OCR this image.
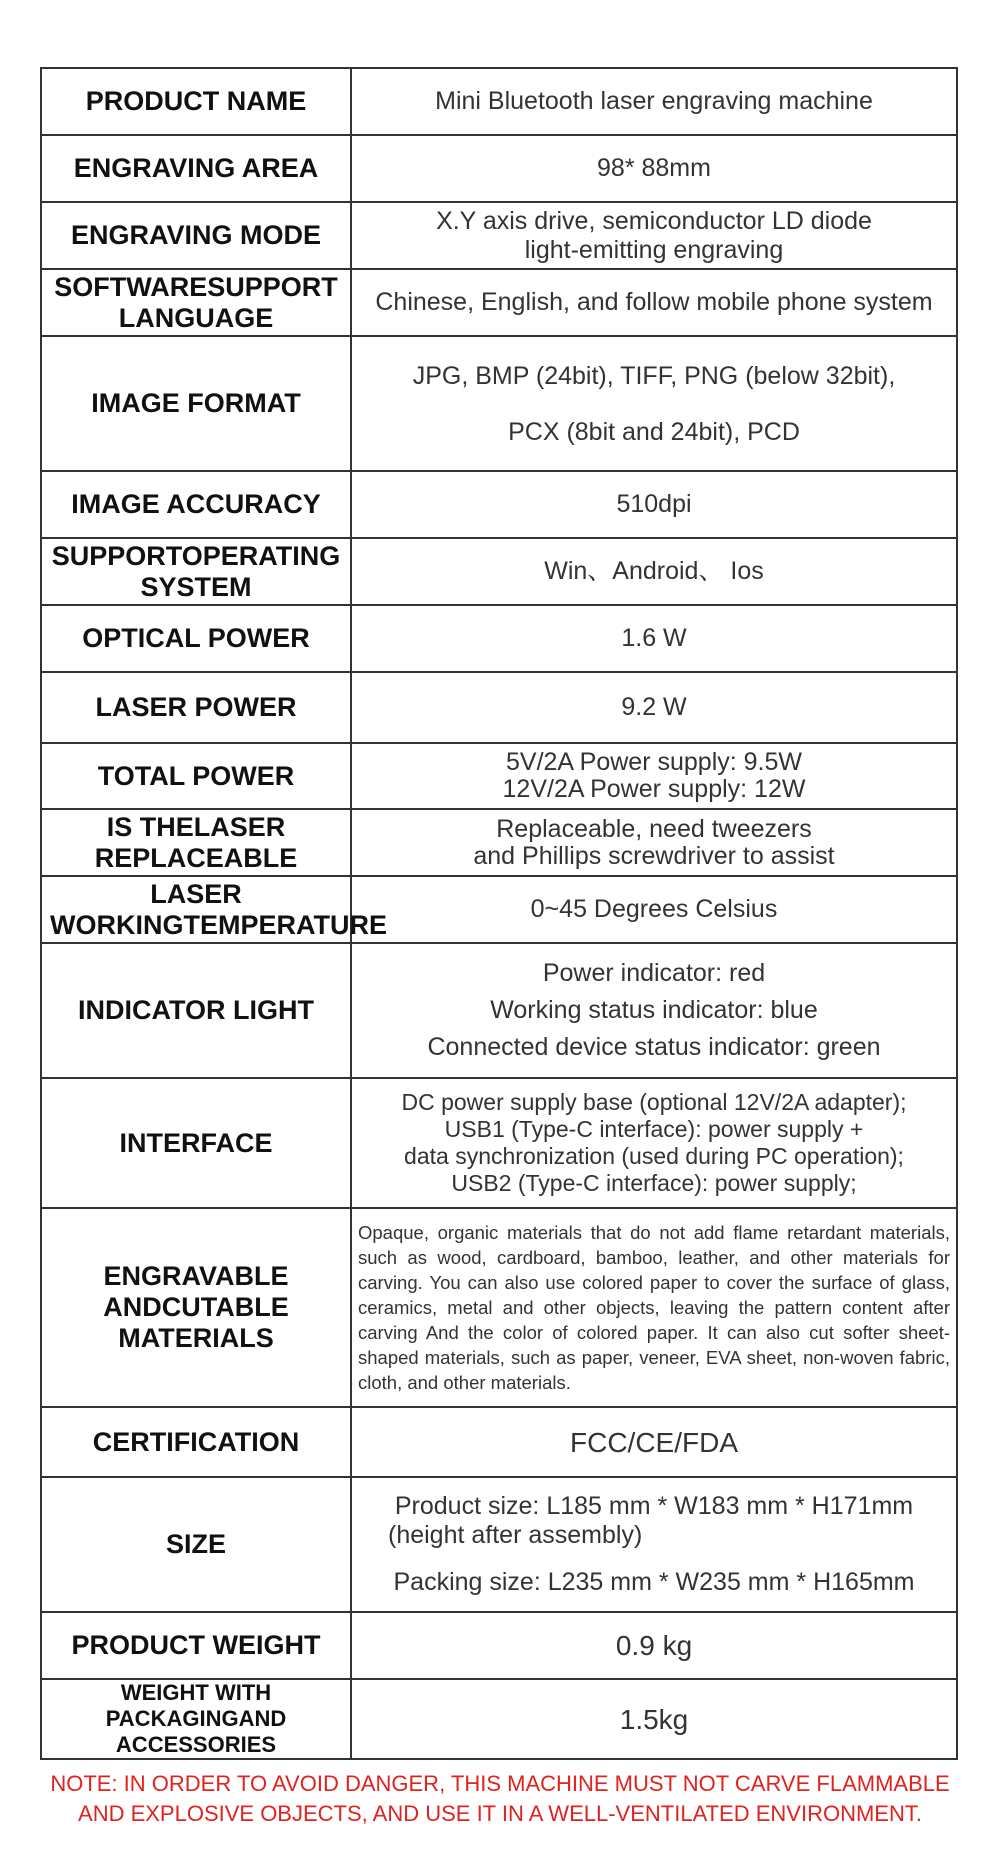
PRODUCT NAME	Mini Bluetooth laser engraving machine

ENGRAVING AREA	98* 88mm

ENGRAVING MODE	X.Y axis drive, semiconductor LD diode
light-emitting engraving

SOFTWARESUPPORT LANGUAGE	Chinese, English, and follow mobile phone system

IMAGE FORMAT	JPG, BMP (24bit), TIFF, PNG (below 32bit),
PCX (8bit and 24bit), PCD

IMAGE ACCURACY	510dpi

SUPPORTOPERATING SYSTEM	Win、Android、 Ios

OPTICAL POWER	1.6 W

LASER POWER	9.2 W

TOTAL POWER	5V/2A Power supply: 9.5W
12V/2A Power supply: 12W

IS THELASER REPLACEABLE	Replaceable, need tweezers
and Phillips screwdriver to assist

LASER WORKINGTEMPERATURE	0~45 Degrees Celsius

INDICATOR LIGHT	Power indicator: red
Working status indicator: blue
Connected device status indicator: green

INTERFACE	DC power supply base (optional 12V/2A adapter);
USB1 (Type-C interface): power supply +
data synchronization (used during PC operation);
USB2 (Type-C interface): power supply;

ENGRAVABLE ANDCUTABLE MATERIALS	Opaque, organic materials that do not add flame retardant materials, such as wood, cardboard, bamboo, leather, and other materials for carving. You can also use colored paper to cover the surface of glass, ceramics, metal and other objects, leaving the pattern content after carving And the color of colored paper. It can also cut softer sheet-shaped materials, such as paper, veneer, EVA sheet, non-woven fabric, cloth, and other materials.
CERTIFICATION	FCC/CE/FDA

SIZE	Product size: L185 mm * W183 mm * H171mm
(height after assembly)
Packing size: L235 mm * W235 mm * H165mm

PRODUCT WEIGHT	0.9 kg

WEIGHT WITH PACKAGINGAND ACCESSORIES	1.5kg
NOTE: IN ORDER TO AVOID DANGER, THIS MACHINE MUST NOT CARVE FLAMMABLE
AND EXPLOSIVE OBJECTS, AND USE IT IN A WELL-VENTILATED ENVIRONMENT.
